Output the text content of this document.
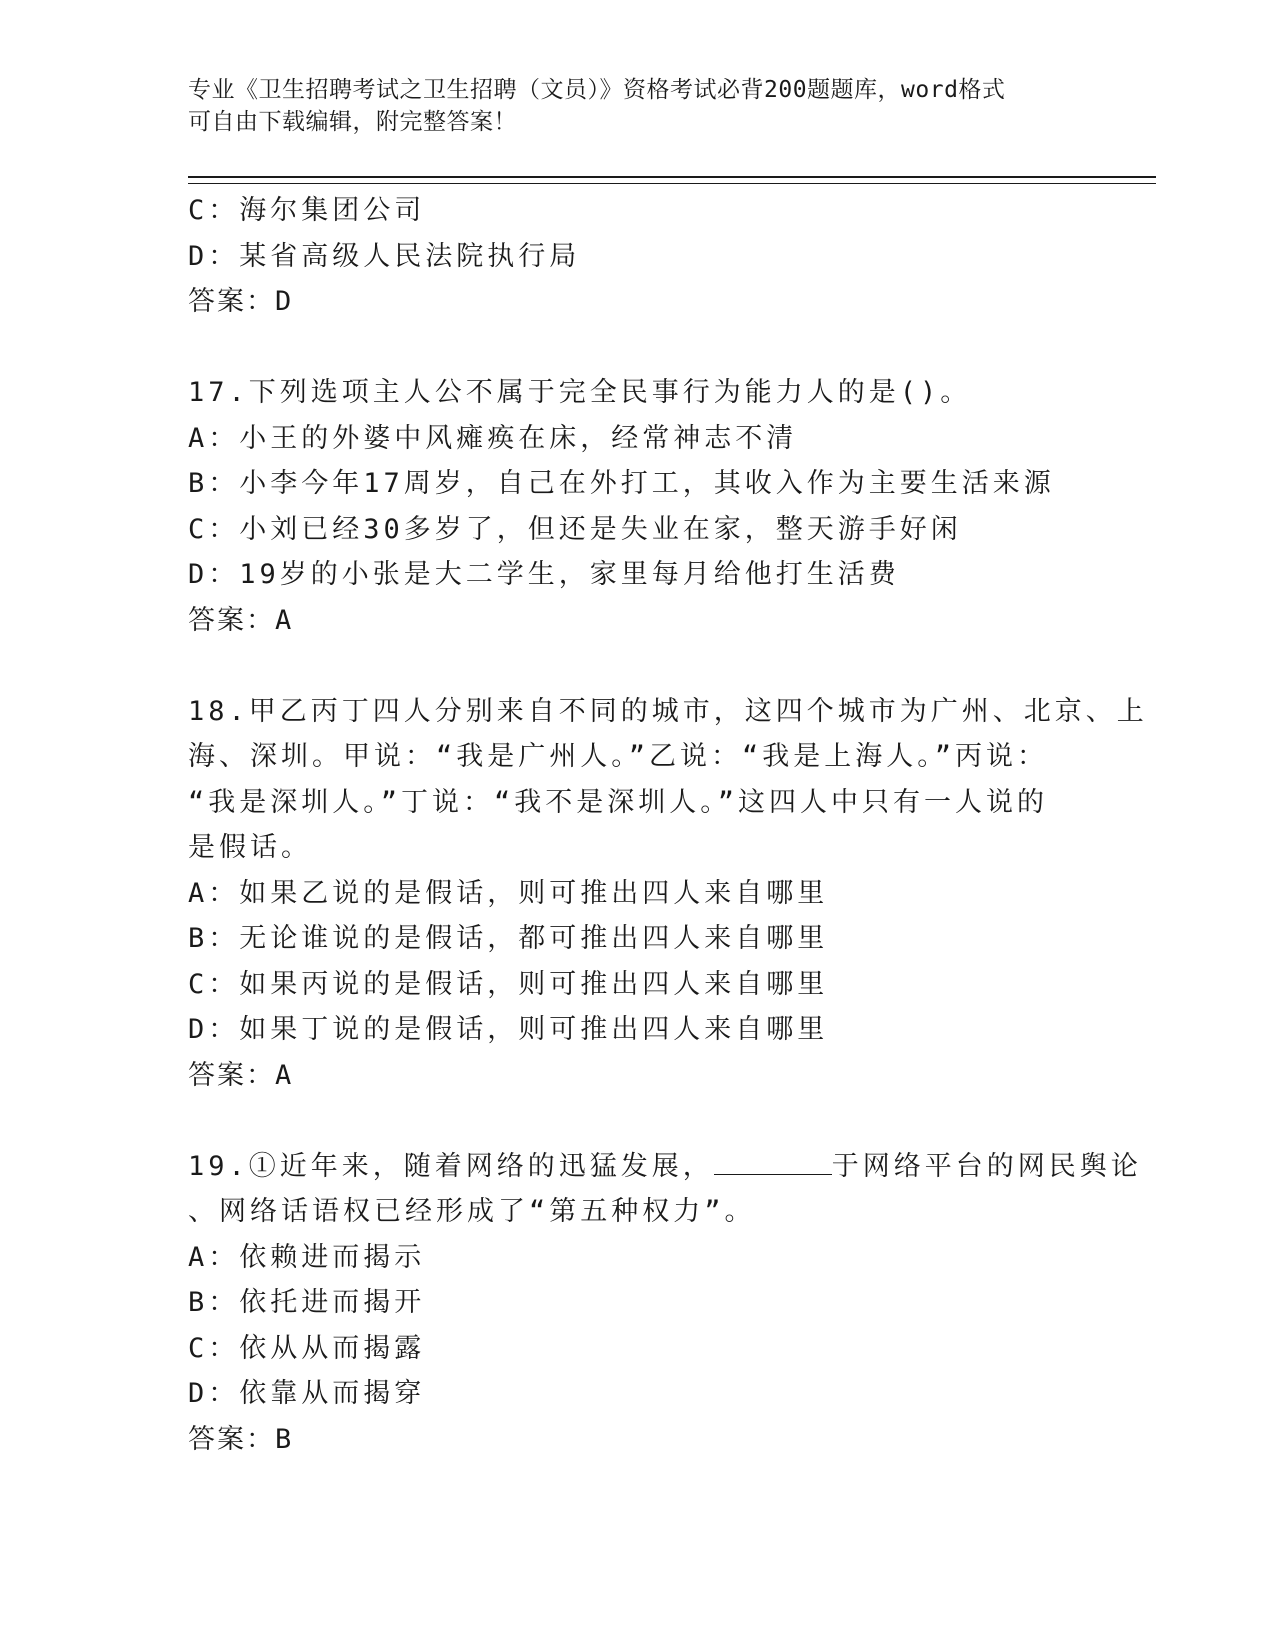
专业《卫生招聘考试之卫生招聘（文员）》资格考试必背200题题库，word格式
可自由下载编辑，附完整答案！
C：海尔集团公司
D：某省高级人民法院执行局
答案：D
17.下列选项主人公不属于完全民事行为能力人的是()。
A：小王的外婆中风瘫痪在床，经常神志不清
B：小李今年17周岁，自己在外打工，其收入作为主要生活来源
C：小刘已经30多岁了，但还是失业在家，整天游手好闲
D：19岁的小张是大二学生，家里每月给他打生活费
答案：A
18.甲乙丙丁四人分别来自不同的城市，这四个城市为广州、北京、上
海、深圳。甲说：“我是广州人。”乙说：“我是上海人。”丙说：
“我是深圳人。”丁说：“我不是深圳人。”这四人中只有一人说的
是假话。
A：如果乙说的是假话，则可推出四人来自哪里
B：无论谁说的是假话，都可推出四人来自哪里
C：如果丙说的是假话，则可推出四人来自哪里
D：如果丁说的是假话，则可推出四人来自哪里
答案：A
19.①近年来，随着网络的迅猛发展，	于网络平台的网民舆论
、网络话语权已经形成了“第五种权力”。
A：依赖进而揭示
B：依托进而揭开
C：依从从而揭露
D：依靠从而揭穿
答案：B
